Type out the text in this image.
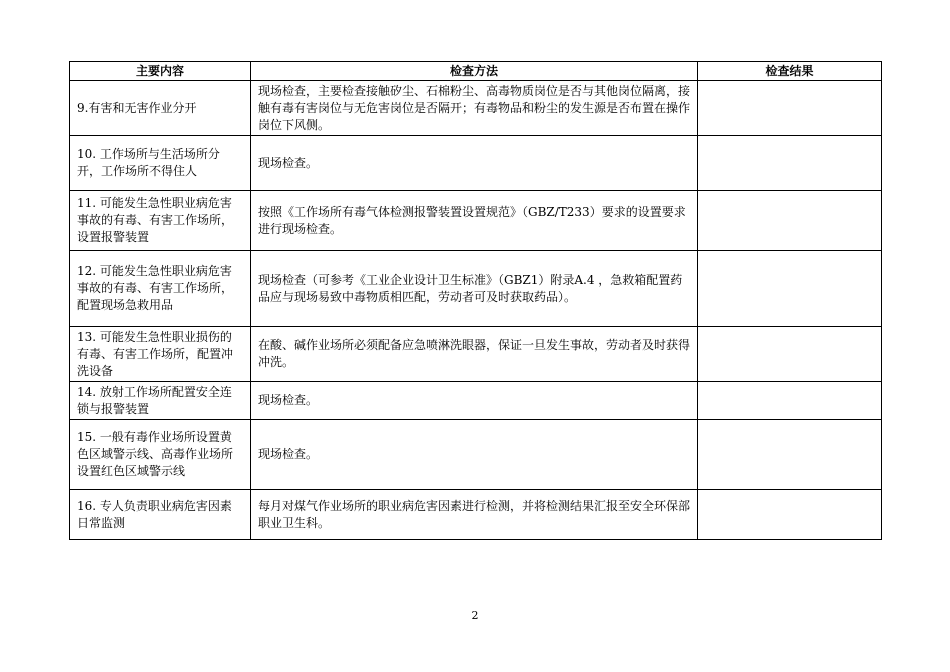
主要内容	检查方法	检查结果
9.有害和无害作业分开	现场检查，主要检查接触矽尘、石棉粉尘、高毒物质岗位是否与其他岗位隔离，接触有毒有害岗位与无危害岗位是否隔开；有毒物品和粉尘的发生源是否布置在操作岗位下风侧。	
10. 工作场所与生活场所分开，工作场所不得住人	现场检查。	
11. 可能发生急性职业病危害事故的有毒、有害工作场所，设置报警装置	按照《工作场所有毒气体检测报警装置设置规范》（GBZ/T233）要求的设置要求进行现场检查。	
12. 可能发生急性职业病危害事故的有毒、有害工作场所，配置现场急救用品	现场检查（可参考《工业企业设计卫生标准》（GBZ1）附录A.4 ，急救箱配置药品应与现场易致中毒物质相匹配，劳动者可及时获取药品）。	
13. 可能发生急性职业损伤的有毒、有害工作场所，配置冲洗设备	在酸、碱作业场所必须配备应急喷淋洗眼器，保证一旦发生事故，劳动者及时获得冲洗。	
14. 放射工作场所配置安全连锁与报警装置	现场检查。	
15. 一般有毒作业场所设置黄色区域警示线、高毒作业场所设置红色区域警示线	现场检查。	
16. 专人负责职业病危害因素日常监测	每月对煤气作业场所的职业病危害因素进行检测，并将检测结果汇报至安全环保部职业卫生科。	
2
